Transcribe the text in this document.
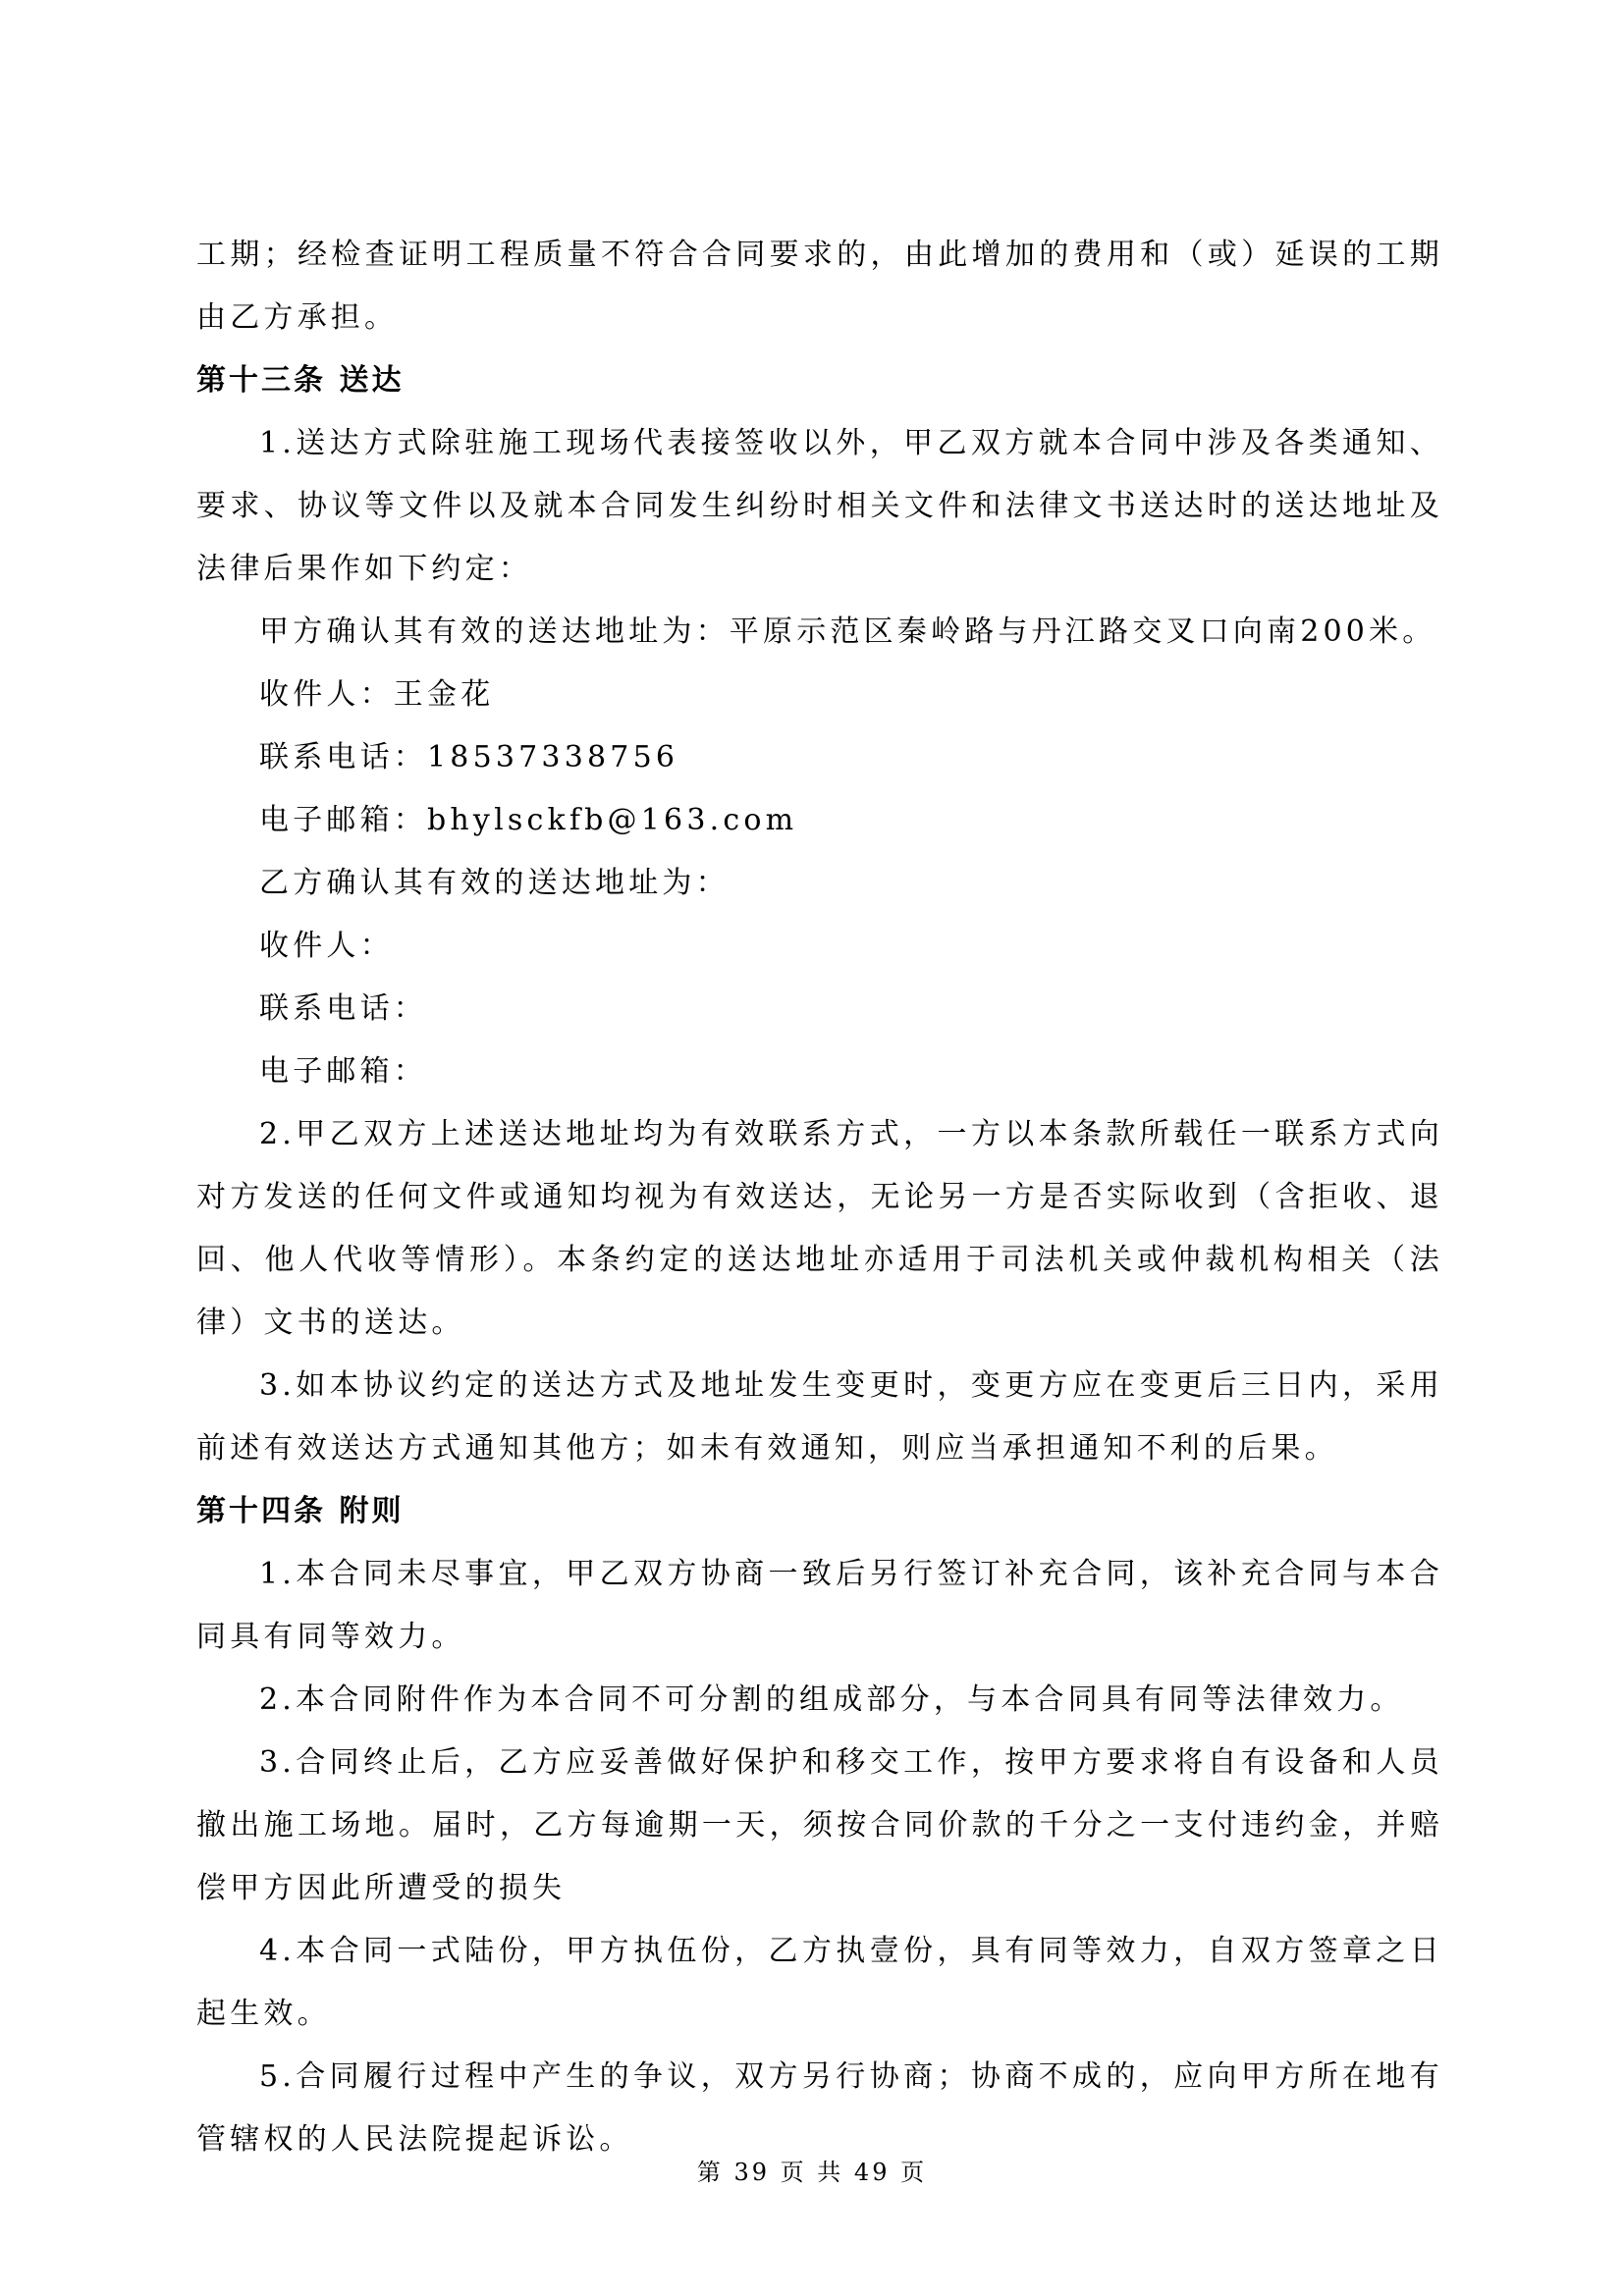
工期；经检查证明工程质量不符合合同要求的，由此增加的费用和（或）延误的工期由乙方承担。

第十三条 送达

1.送达方式除驻施工现场代表接签收以外，甲乙双方就本合同中涉及各类通知、要求、协议等文件以及就本合同发生纠纷时相关文件和法律文书送达时的送达地址及法律后果作如下约定：

甲方确认其有效的送达地址为：平原示范区秦岭路与丹江路交叉口向南200米。

收件人：王金花

联系电话：18537338756

电子邮箱：bhylsckfb@163.com

乙方确认其有效的送达地址为：

收件人：

联系电话：

电子邮箱：

2.甲乙双方上述送达地址均为有效联系方式，一方以本条款所载任一联系方式向对方发送的任何文件或通知均视为有效送达，无论另一方是否实际收到（含拒收、退回、他人代收等情形）。本条约定的送达地址亦适用于司法机关或仲裁机构相关（法律）文书的送达。

3.如本协议约定的送达方式及地址发生变更时，变更方应在变更后三日内，采用前述有效送达方式通知其他方；如未有效通知，则应当承担通知不利的后果。

第十四条 附则

1.本合同未尽事宜，甲乙双方协商一致后另行签订补充合同，该补充合同与本合同具有同等效力。

2.本合同附件作为本合同不可分割的组成部分，与本合同具有同等法律效力。

3.合同终止后，乙方应妥善做好保护和移交工作，按甲方要求将自有设备和人员撤出施工场地。届时，乙方每逾期一天，须按合同价款的千分之一支付违约金，并赔偿甲方因此所遭受的损失

4.本合同一式陆份，甲方执伍份，乙方执壹份，具有同等效力，自双方签章之日起生效。

5.合同履行过程中产生的争议，双方另行协商；协商不成的，应向甲方所在地有管辖权的人民法院提起诉讼。

第 39 页 共 49 页
